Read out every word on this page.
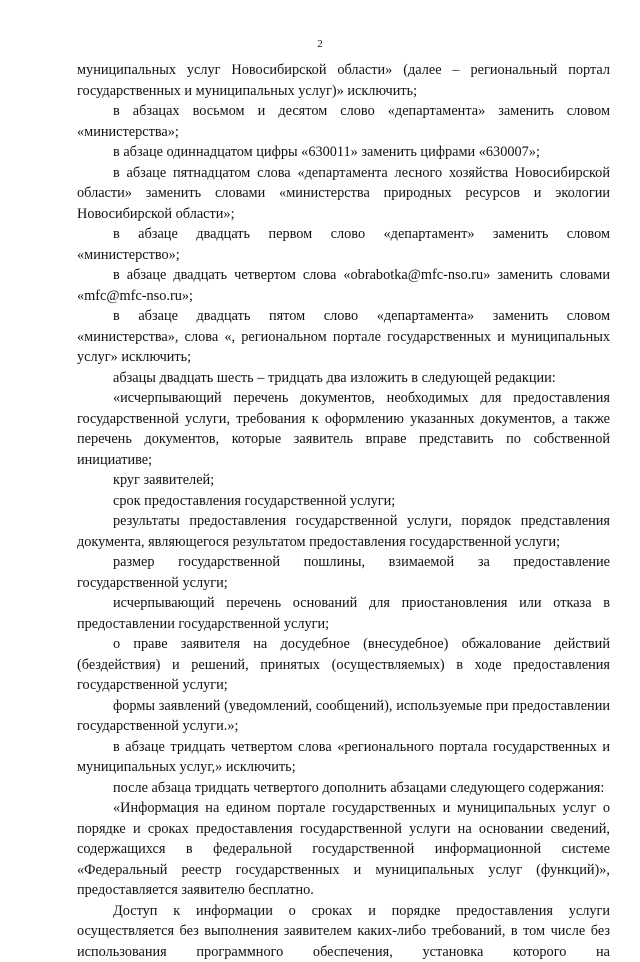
2

муниципальных услуг Новосибирской области» (далее – региональный портал государственных и муниципальных услуг)» исключить;

в абзацах восьмом и десятом слово «департамента» заменить словом «министерства»;

в абзаце одиннадцатом цифры «630011» заменить цифрами «630007»;

в абзаце пятнадцатом слова «департамента лесного хозяйства Новосибирской области» заменить словами «министерства природных ресурсов и экологии Новосибирской области»;

в абзаце двадцать первом слово «департамент» заменить словом «министерство»;

в абзаце двадцать четвертом слова «obrabotka@mfc-nso.ru» заменить словами «mfc@mfc-nso.ru»;

в абзаце двадцать пятом слово «департамента» заменить словом «министерства», слова «, региональном портале государственных и муниципальных услуг» исключить;

абзацы двадцать шесть – тридцать два изложить в следующей редакции:

«исчерпывающий перечень документов, необходимых для предоставления государственной услуги, требования к оформлению указанных документов, а также перечень документов, которые заявитель вправе представить по собственной инициативе;

круг заявителей;

срок предоставления государственной услуги;

результаты предоставления государственной услуги, порядок представления документа, являющегося результатом предоставления государственной услуги;

размер государственной пошлины, взимаемой за предоставление государственной услуги;

исчерпывающий перечень оснований для приостановления или отказа в предоставлении государственной услуги;

о праве заявителя на досудебное (внесудебное) обжалование действий (бездействия) и решений, принятых (осуществляемых) в ходе предоставления государственной услуги;

формы заявлений (уведомлений, сообщений), используемые при предоставлении государственной услуги.»;

в абзаце тридцать четвертом слова «регионального портала государственных и муниципальных услуг,» исключить;

после абзаца тридцать четвертого дополнить абзацами следующего содержания:

«Информация на едином портале государственных и муниципальных услуг о порядке и сроках предоставления государственной услуги на основании сведений, содержащихся в федеральной государственной информационной системе «Федеральный реестр государственных и муниципальных услуг (функций)», предоставляется заявителю бесплатно.

Доступ к информации о сроках и порядке предоставления услуги осуществляется без выполнения заявителем каких-либо требований, в том числе без использования программного обеспечения, установка которого на
